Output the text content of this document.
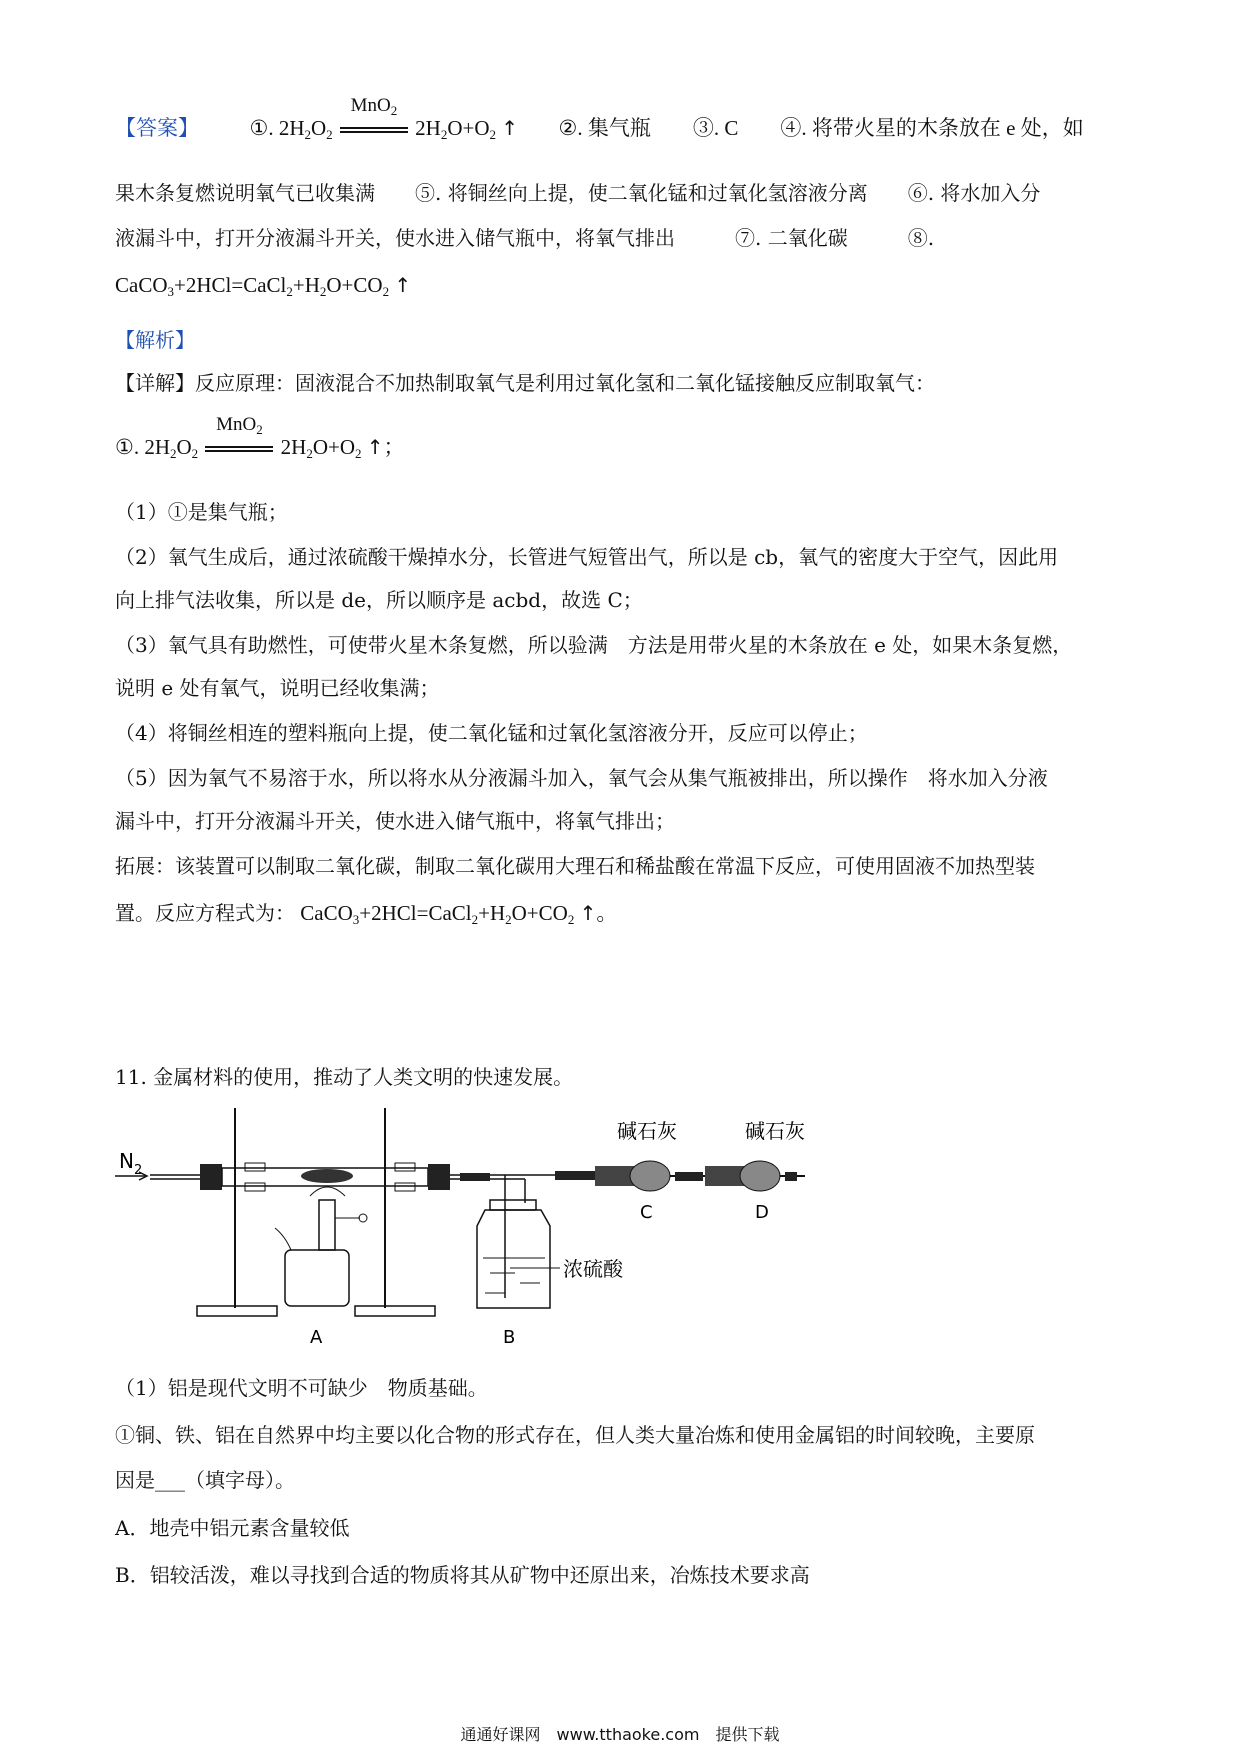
【答案】 ①. $2H_2O_2$
MnO$_2$
$2H_2O+O_2$ ↑ ②. 集气瓶　　③. C　　④. 将带火星的木条放在 e 处，如
果木条复燃说明氧气已收集满　　⑤. 将铜丝向上提，使二氧化锰和过氧化氢溶液分离　　⑥. 将水加入分
液漏斗中，打开分液漏斗开关，使水进入储气瓶中，将氧气排出　　　⑦. 二氧化碳　　　⑧.
$CaCO_3+2HCl=CaCl_2+H_2O+CO_2$ ↑
【解析】
【详解】反应原理：固液混合不加热制取氧气是利用过氧化氢和二氧化锰接触反应制取氧气：
①. $2H_2O_2$
MnO$_2$
$2H_2O+O_2$ ↑；
（1）①是集气瓶；
（2）氧气生成后，通过浓硫酸干燥掉水分，长管进气短管出气，所以是 cb，氧气的密度大于空气，因此用
向上排气法收集，所以是 de，所以顺序是 acbd，故选 C；
（3）氧气具有助燃性，可使带火星木条复燃，所以验满　方法是用带火星的木条放在 e 处，如果木条复燃，
说明 e 处有氧气，说明已经收集满；
（4）将铜丝相连的塑料瓶向上提，使二氧化锰和过氧化氢溶液分开，反应可以停止；
（5）因为氧气不易溶于水，所以将水从分液漏斗加入，氧气会从集气瓶被排出，所以操作　将水加入分液
漏斗中，打开分液漏斗开关，使水进入储气瓶中，将氧气排出；
拓展：该装置可以制取二氧化碳，制取二氧化碳用大理石和稀盐酸在常温下反应，可使用固液不加热型装
置。反应方程式为： $CaCO_3+2HCl=CaCl_2+H_2O+CO_2$ ↑。
11. 金属材料的使用，推动了人类文明的快速发展。
$N_2$
A
浓硫酸
B
碱石灰
C
碱石灰
D
（1）铝是现代文明不可缺少　物质基础。
①铜、铁、铝在自然界中均主要以化合物的形式存在，但人类大量冶炼和使用金属铝的时间较晚，主要原
因是___（填字母）。
A．地壳中铝元素含量较低
B．铝较活泼，难以寻找到合适的物质将其从矿物中还原出来，冶炼技术要求高
通通好课网　www.tthaoke.com　提供下载
